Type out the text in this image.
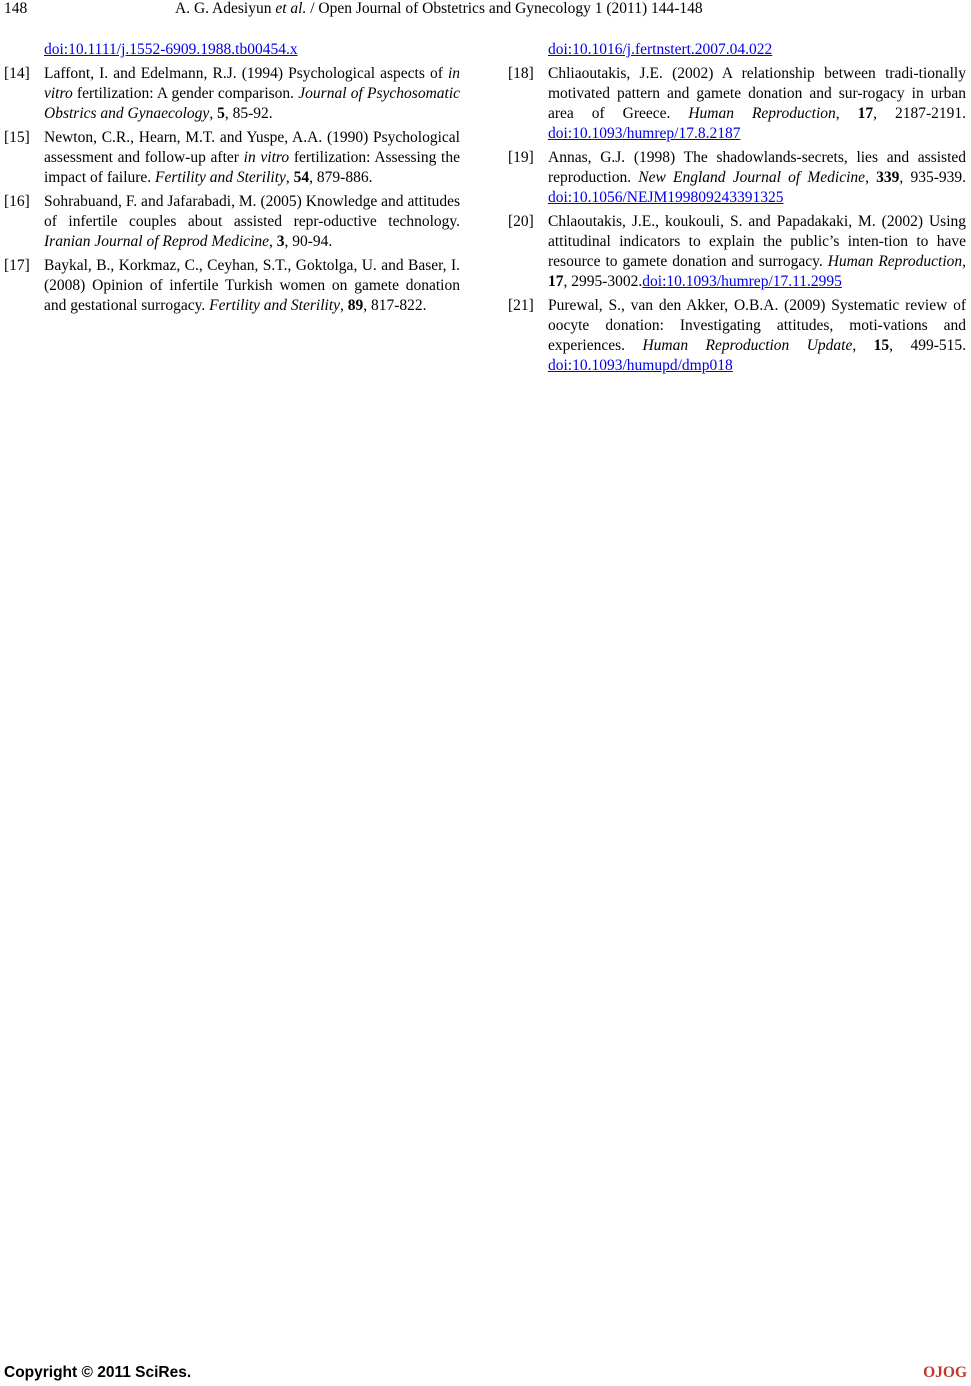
148	A. G. Adesiyun et al. / Open Journal of Obstetrics and Gynecology 1 (2011) 144-148
doi:10.1111/j.1552-6909.1988.tb00454.x
[14] Laffont, I. and Edelmann, R.J. (1994) Psychological aspects of in vitro fertilization: A gender comparison. Journal of Psychosomatic Obstrics and Gynaecology, 5, 85-92.
[15] Newton, C.R., Hearn, M.T. and Yuspe, A.A. (1990) Psychological assessment and follow-up after in vitro fertilization: Assessing the impact of failure. Fertility and Sterility, 54, 879-886.
[16] Sohrabuand, F. and Jafarabadi, M. (2005) Knowledge and attitudes of infertile couples about assisted repr-oductive technology. Iranian Journal of Reprod Medicine, 3, 90-94.
[17] Baykal, B., Korkmaz, C., Ceyhan, S.T., Goktolga, U. and Baser, I. (2008) Opinion of infertile Turkish women on gamete donation and gestational surrogacy. Fertility and Sterility, 89, 817-822.
doi:10.1016/j.fertnstert.2007.04.022
[18] Chliaoutakis, J.E. (2002) A relationship between tradi-tionally motivated pattern and gamete donation and sur-rogacy in urban area of Greece. Human Reproduction, 17, 2187-2191. doi:10.1093/humrep/17.8.2187
[19] Annas, G.J. (1998) The shadowlands-secrets, lies and assisted reproduction. New England Journal of Medicine, 339, 935-939. doi:10.1056/NEJM199809243391325
[20] Chlaoutakis, J.E., koukouli, S. and Papadakaki, M. (2002) Using attitudinal indicators to explain the public’s inten-tion to have resource to gamete donation and surrogacy. Human Reproduction, 17, 2995-3002.doi:10.1093/humrep/17.11.2995
[21] Purewal, S., van den Akker, O.B.A. (2009) Systematic review of oocyte donation: Investigating attitudes, moti-vations and experiences. Human Reproduction Update, 15, 499-515. doi:10.1093/humupd/dmp018
Copyright © 2011 SciRes.	OJOG
